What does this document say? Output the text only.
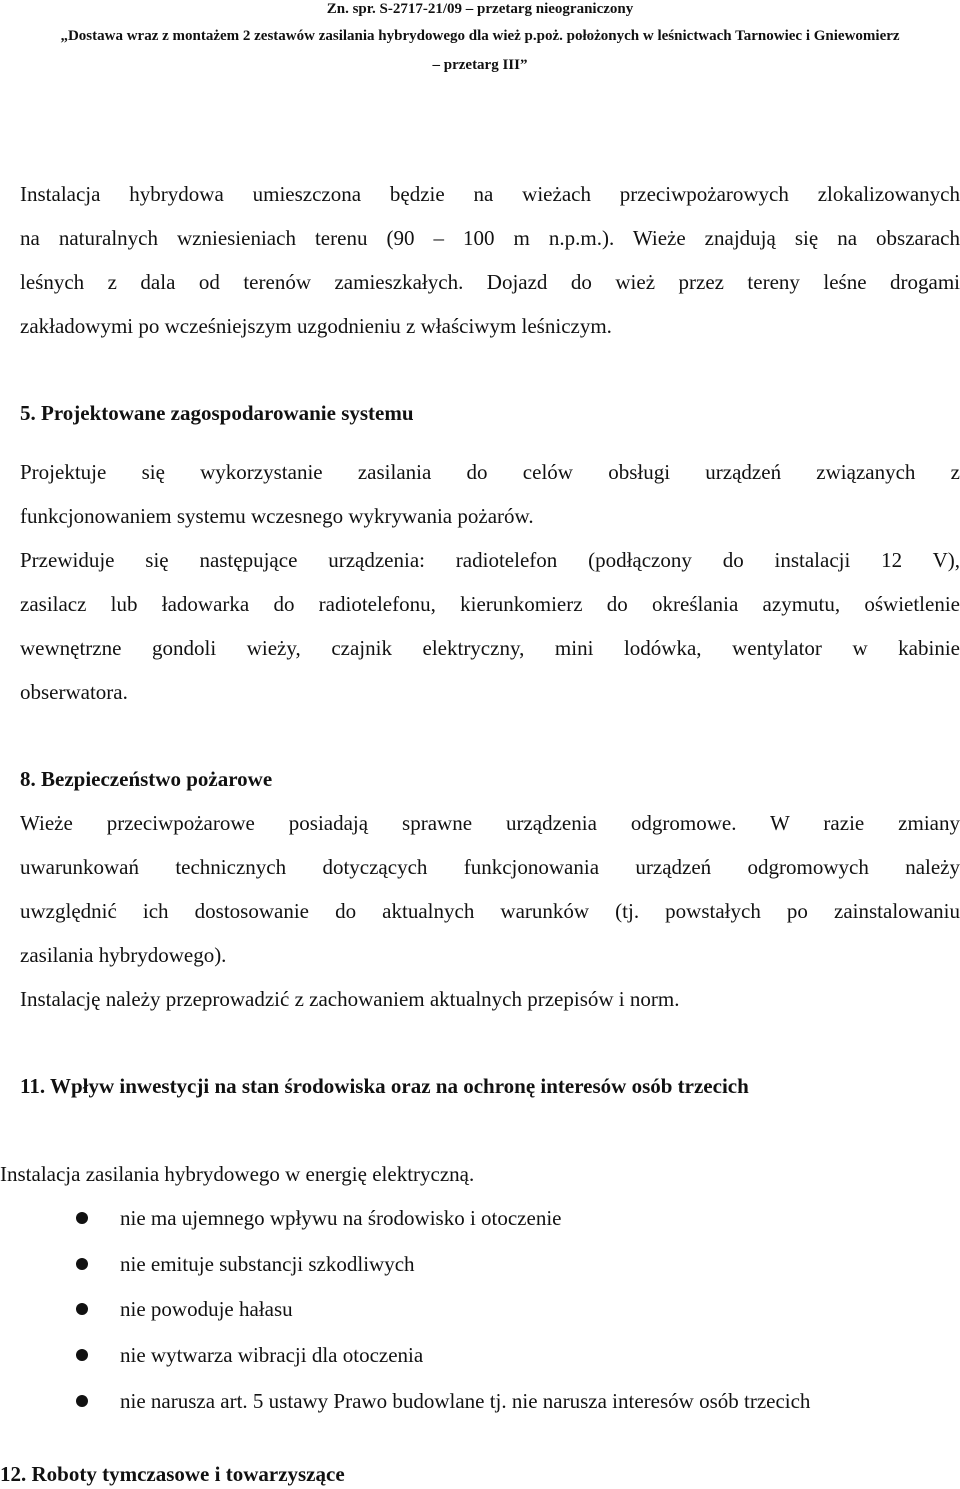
Zn. spr. S-2717-21/09 – przetarg nieograniczony
„Dostawa wraz z montażem 2 zestawów zasilania hybrydowego dla wież p.poż. położonych w leśnictwach Tarnowiec i Gniewomierz
– przetarg III”
Instalacja hybrydowa umieszczona będzie na wieżach przeciwpożarowych zlokalizowanych
na naturalnych wzniesieniach terenu (90 – 100 m n.p.m.). Wieże znajdują się na obszarach
leśnych z dala od terenów zamieszkałych. Dojazd do wież przez tereny leśne drogami
zakładowymi po wcześniejszym uzgodnieniu z właściwym leśniczym.
5. Projektowane zagospodarowanie systemu
Projektuje się wykorzystanie zasilania do celów obsługi urządzeń związanych z
funkcjonowaniem systemu wczesnego wykrywania pożarów.
Przewiduje się następujące urządzenia: radiotelefon (podłączony do instalacji 12 V),
zasilacz lub ładowarka do radiotelefonu, kierunkomierz do określania azymutu, oświetlenie
wewnętrzne gondoli wieży, czajnik elektryczny, mini lodówka, wentylator w kabinie
obserwatora.
8. Bezpieczeństwo pożarowe
Wieże przeciwpożarowe posiadają sprawne urządzenia odgromowe. W razie zmiany
uwarunkowań technicznych dotyczących funkcjonowania urządzeń odgromowych należy
uwzględnić ich dostosowanie do aktualnych warunków (tj. powstałych po zainstalowaniu
zasilania hybrydowego).
Instalację należy przeprowadzić z zachowaniem aktualnych przepisów i norm.
11. Wpływ inwestycji na stan środowiska oraz na ochronę interesów osób trzecich
Instalacja zasilania hybrydowego w energię elektryczną.
nie ma ujemnego wpływu na środowisko i otoczenie
nie emituje substancji szkodliwych
nie powoduje hałasu
nie wytwarza wibracji dla otoczenia
nie narusza art. 5 ustawy Prawo budowlane tj. nie narusza interesów osób trzecich
12. Roboty tymczasowe i towarzyszące
